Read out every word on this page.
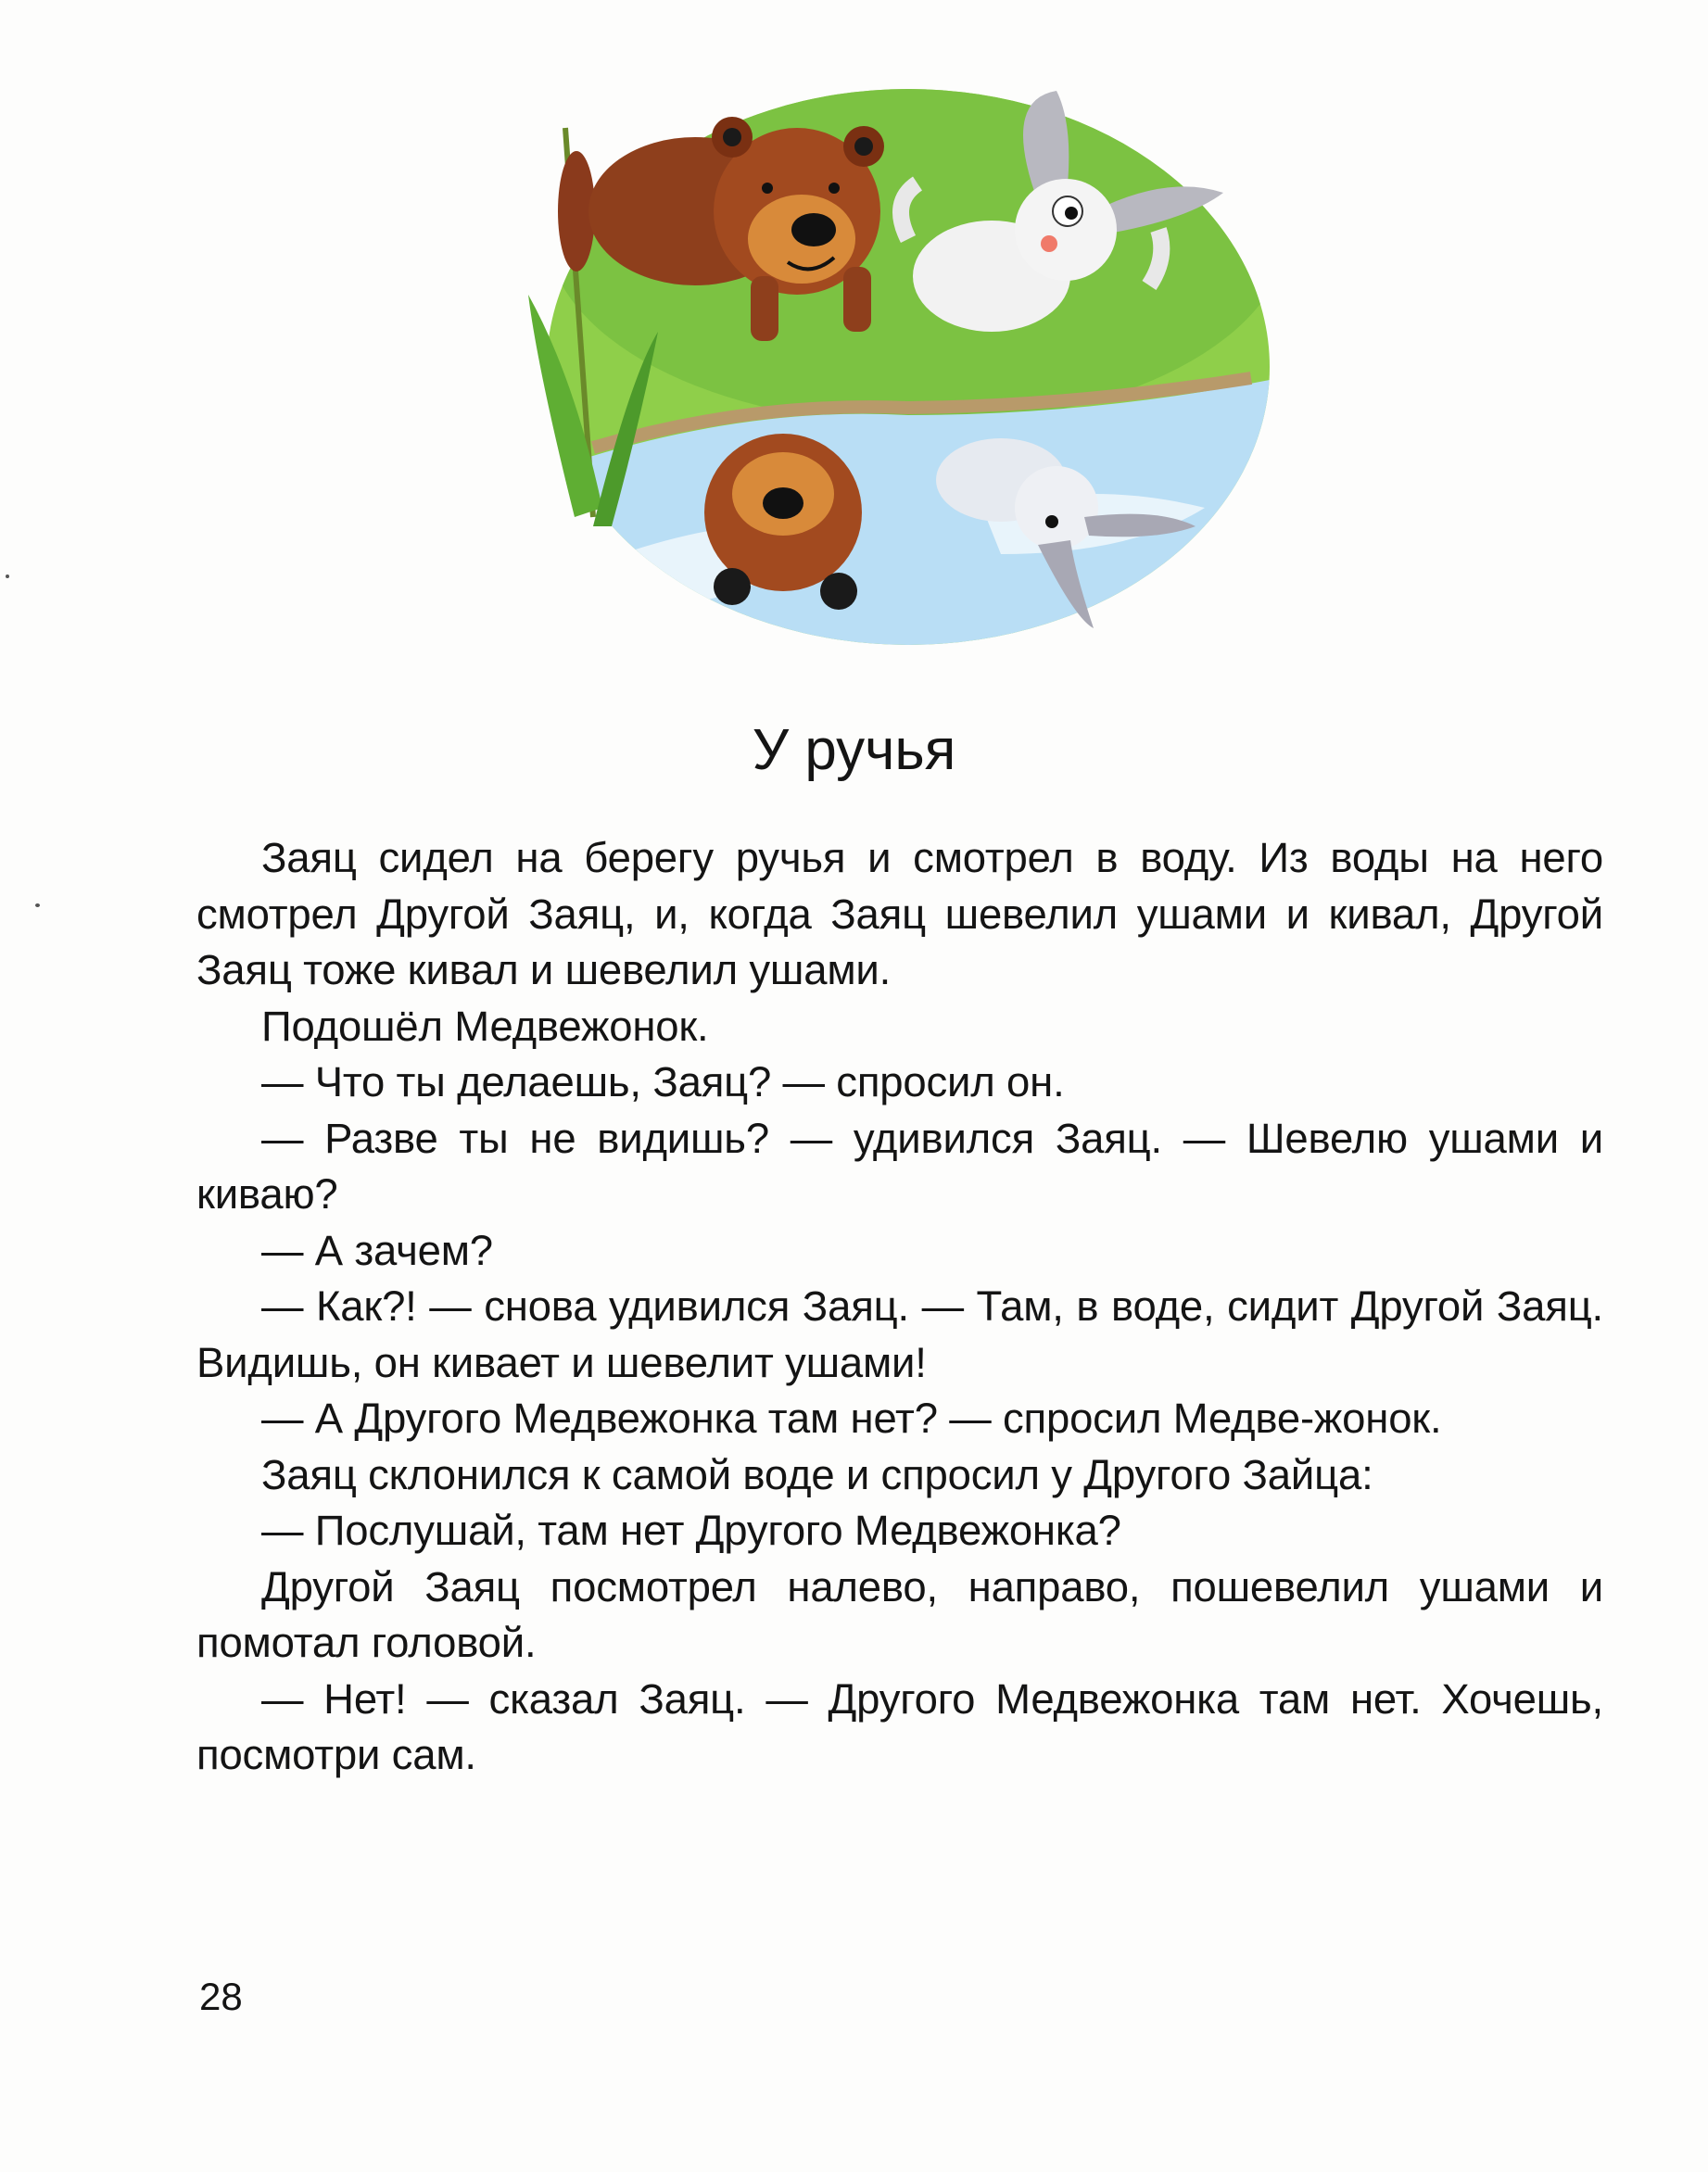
У ручья

Заяц сидел на берегу ручья и смотрел в воду. Из воды на него смотрел Другой Заяц, и, когда Заяц шевелил ушами и кивал, Другой Заяц тоже кивал и шевелил ушами.

Подошёл Медвежонок.

— Что ты делаешь, Заяц? — спросил он.

— Разве ты не видишь? — удивился Заяц. — Шевелю ушами и киваю?

— А зачем?

— Как?! — снова удивился Заяц. — Там, в воде, сидит Другой Заяц. Видишь, он кивает и шевелит ушами!

— А Другого Медвежонка там нет? — спросил Медве-жонок.

Заяц склонился к самой воде и спросил у Другого Зайца:

— Послушай, там нет Другого Медвежонка?

Другой Заяц посмотрел налево, направо, пошевелил ушами и помотал головой.

— Нет! — сказал Заяц. — Другого Медвежонка там нет. Хочешь, посмотри сам.

28
